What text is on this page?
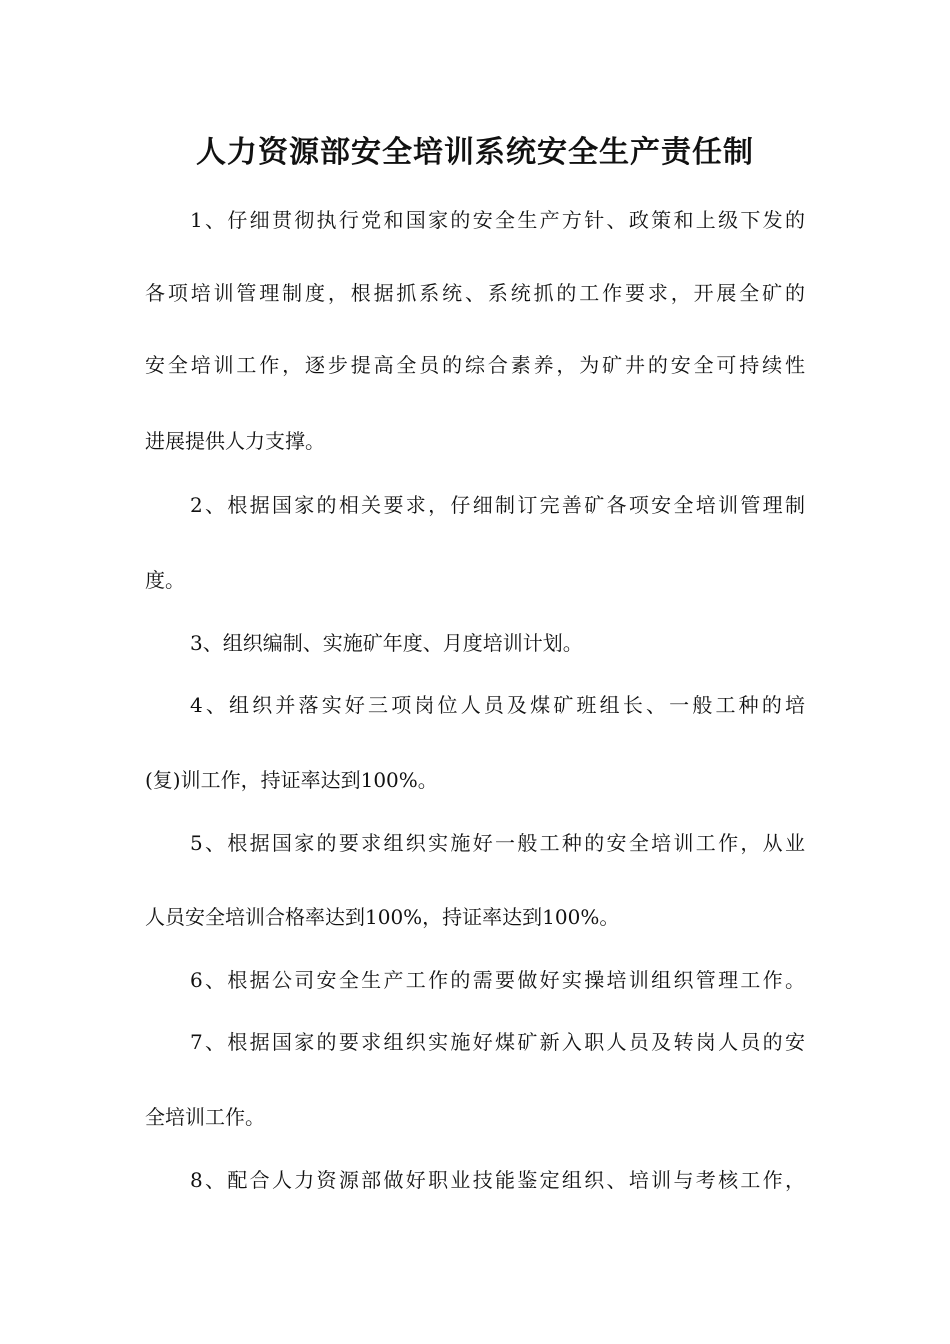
人力资源部安全培训系统安全生产责任制
1、仔细贯彻执行党和国家的安全生产方针、政策和上级下发的
各项培训管理制度，根据抓系统、系统抓的工作要求，开展全矿的
安全培训工作，逐步提高全员的综合素养，为矿井的安全可持续性
进展提供人力支撑。
2、根据国家的相关要求，仔细制订完善矿各项安全培训管理制
度。
3、组织编制、实施矿年度、月度培训计划。
4、组织并落实好三项岗位人员及煤矿班组长、一般工种的培
(复)训工作，持证率达到100%。
5、根据国家的要求组织实施好一般工种的安全培训工作，从业
人员安全培训合格率达到100%，持证率达到100%。
6、根据公司安全生产工作的需要做好实操培训组织管理工作。
7、根据国家的要求组织实施好煤矿新入职人员及转岗人员的安
全培训工作。
8、配合人力资源部做好职业技能鉴定组织、培训与考核工作，
